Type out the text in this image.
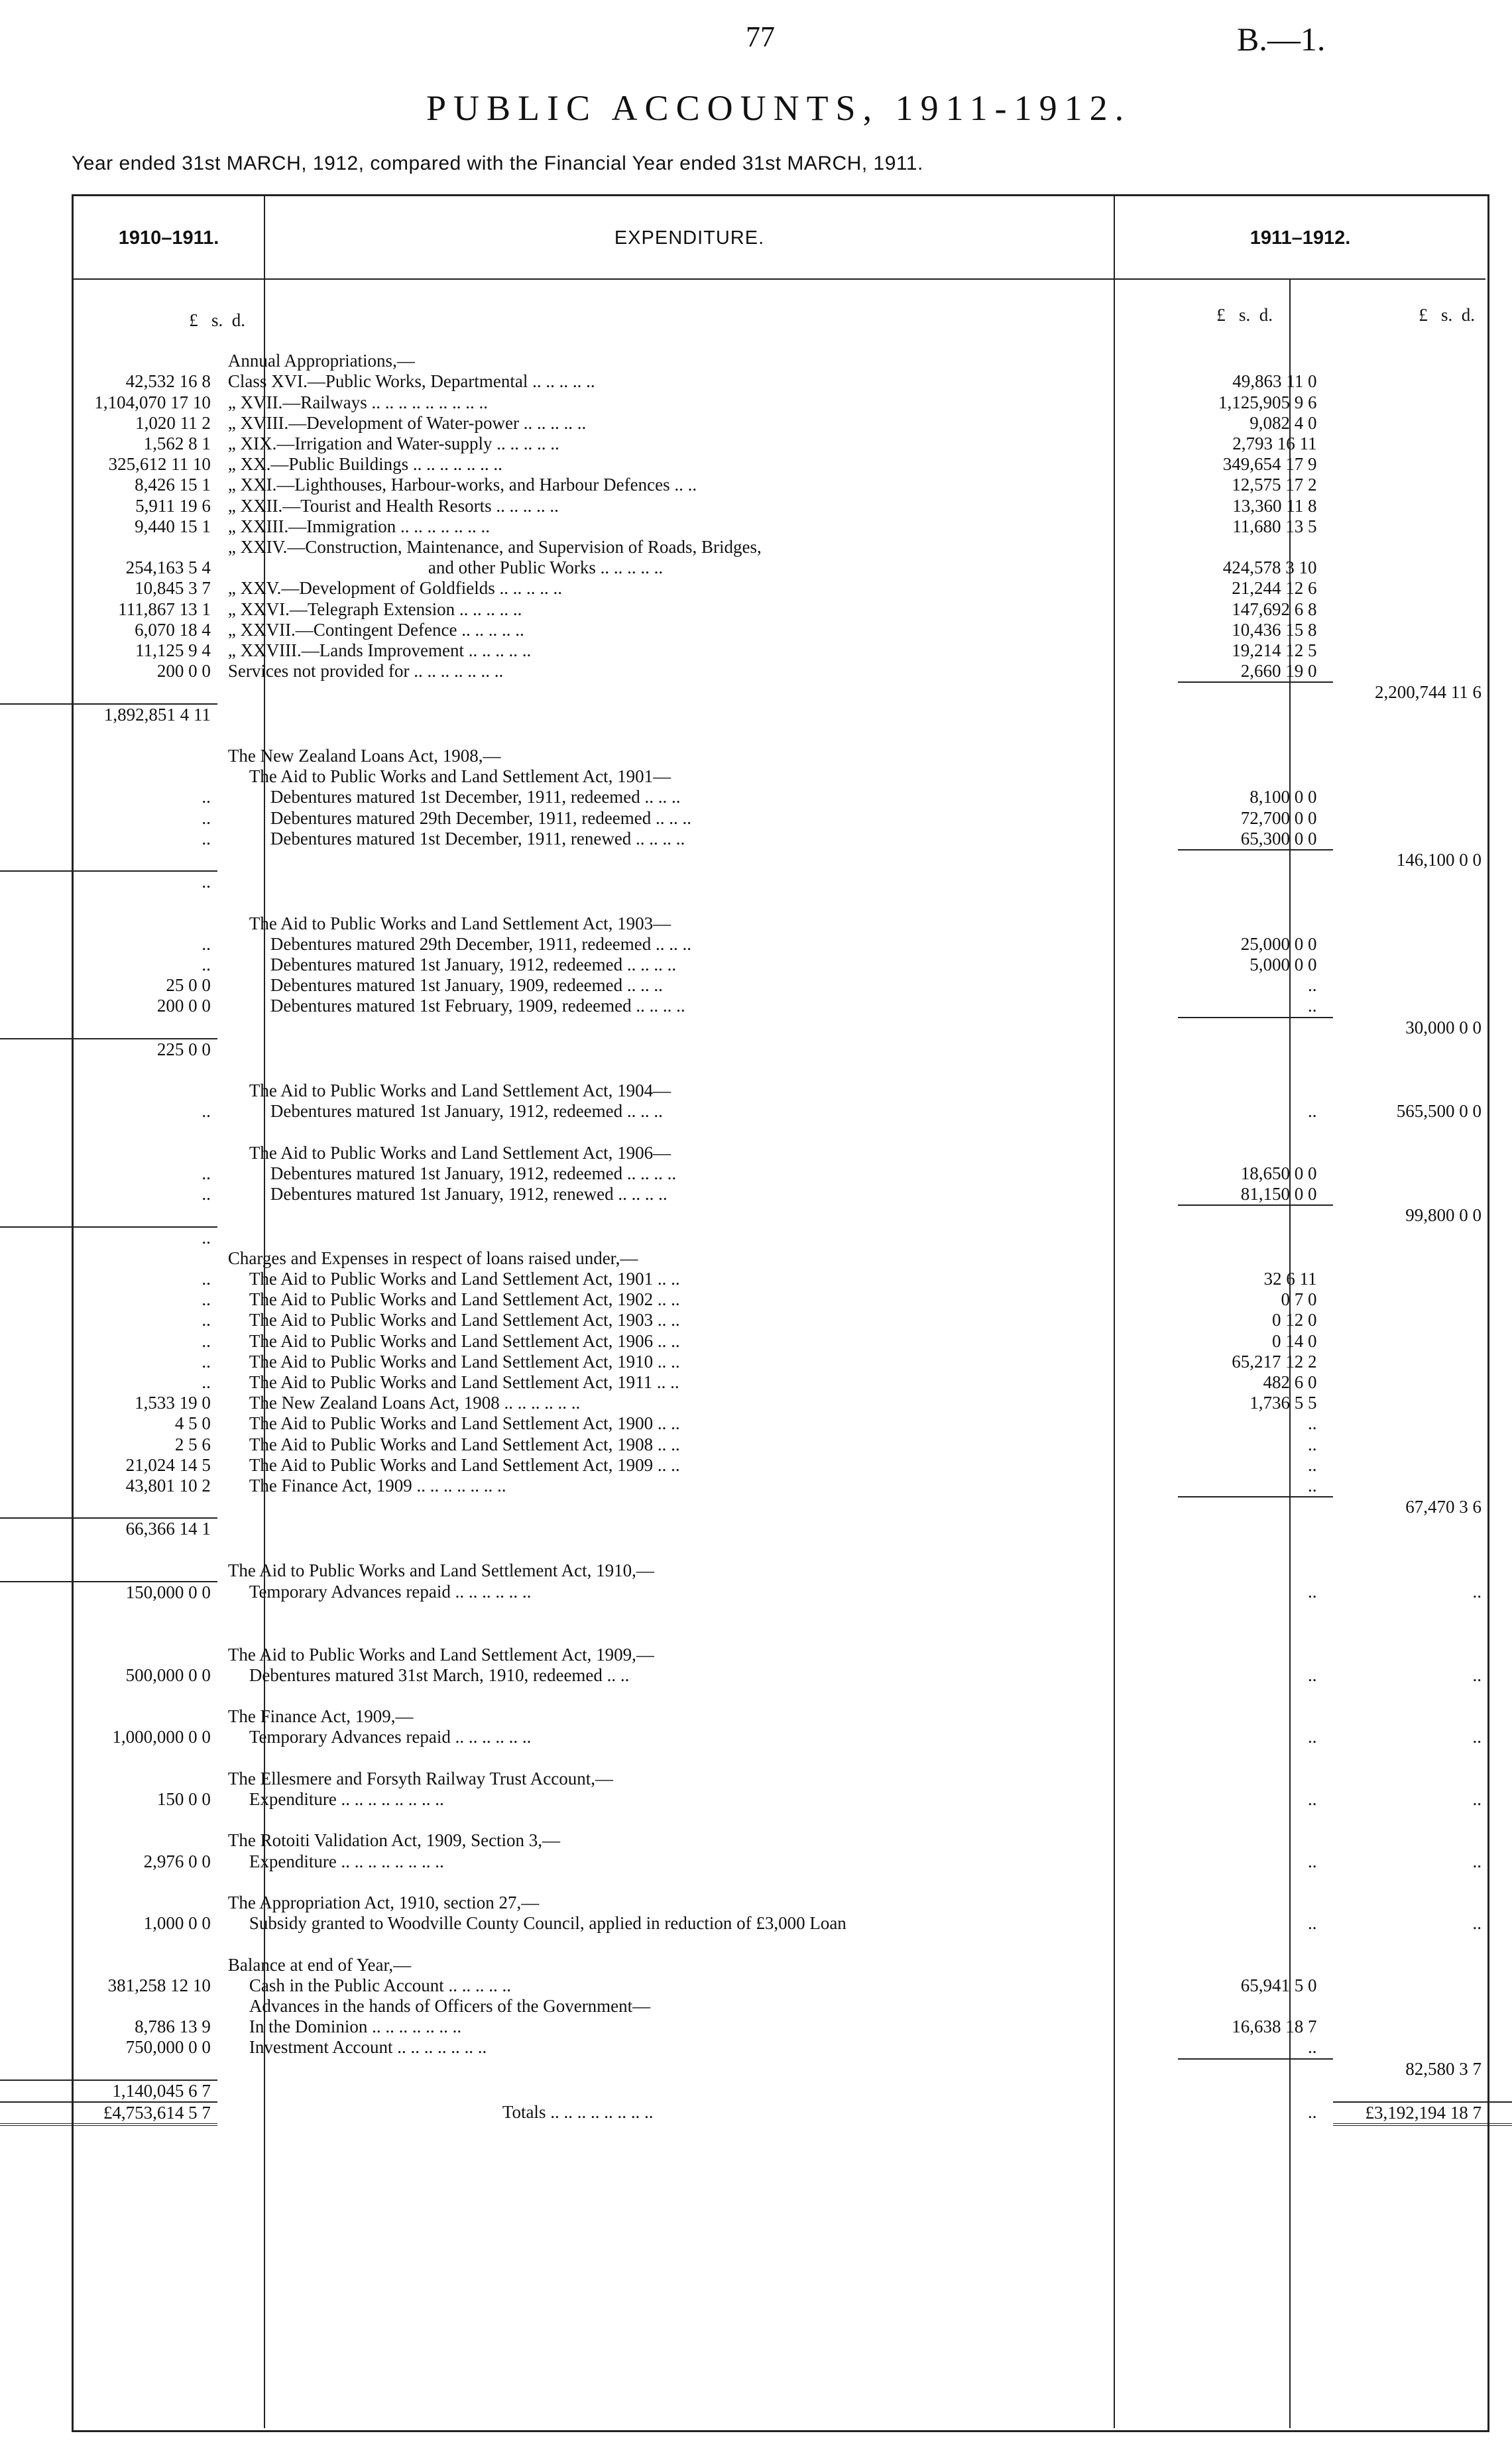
77	B.—1.
PUBLIC ACCOUNTS, 1911-1912.
Year ended 31st MARCH, 1912, compared with the Financial Year ended 31st MARCH, 1911.
1910–1911.	EXPENDITURE.	1911–1912.
£   s.  d.	£   s.  d.	£   s.  d.

	Annual Appropriations,—		
42,532 16 8	Class XVI.—Public Works, Departmental .. .. .. .. ..	49,863 11 0	
1,104,070 17 10	„ XVII.—Railways .. .. .. .. .. .. .. .. ..	1,125,905 9 6	
1,020 11 2	„ XVIII.—Development of Water-power .. .. .. .. ..	9,082 4 0	
1,562 8 1	„ XIX.—Irrigation and Water-supply .. .. .. .. ..	2,793 16 11	
325,612 11 10	„ XX.—Public Buildings .. .. .. .. .. .. ..	349,654 17 9	
8,426 15 1	„ XXI.—Lighthouses, Harbour-works, and Harbour Defences .. ..	12,575 17 2	
5,911 19 6	„ XXII.—Tourist and Health Resorts .. .. .. .. ..	13,360 11 8	
9,440 15 1	„ XXIII.—Immigration .. .. .. .. .. .. ..	11,680 13 5	
	„ XXIV.—Construction, Maintenance, and Supervision of Roads, Bridges,		
254,163 5 4	and other Public Works .. .. .. .. ..	424,578 3 10	
10,845 3 7	„ XXV.—Development of Goldfields .. .. .. .. ..	21,244 12 6	
111,867 13 1	„ XXVI.—Telegraph Extension .. .. .. .. ..	147,692 6 8	
6,070 18 4	„ XXVII.—Contingent Defence .. .. .. .. ..	10,436 15 8	
11,125 9 4	„ XXVIII.—Lands Improvement .. .. .. .. ..	19,214 12 5	
200 0 0	Services not provided for .. .. .. .. .. .. ..	2,660 19 0	
			2,200,744 11 6
1,892,851 4 11			

	The New Zealand Loans Act, 1908,—		
	The Aid to Public Works and Land Settlement Act, 1901—		
..	Debentures matured 1st December, 1911, redeemed .. .. ..	8,100 0 0	
..	Debentures matured 29th December, 1911, redeemed .. .. ..	72,700 0 0	
..	Debentures matured 1st December, 1911, renewed .. .. .. ..	65,300 0 0	
			146,100 0 0
..			

	The Aid to Public Works and Land Settlement Act, 1903—		
..	Debentures matured 29th December, 1911, redeemed .. .. ..	25,000 0 0	
..	Debentures matured 1st January, 1912, redeemed .. .. .. ..	5,000 0 0	
25 0 0	Debentures matured 1st January, 1909, redeemed .. .. ..	..	
200 0 0	Debentures matured 1st February, 1909, redeemed .. .. .. ..	..	
			30,000 0 0
225 0 0			

	The Aid to Public Works and Land Settlement Act, 1904—		
..	Debentures matured 1st January, 1912, redeemed .. .. ..	..	565,500 0 0

	The Aid to Public Works and Land Settlement Act, 1906—		
..	Debentures matured 1st January, 1912, redeemed .. .. .. ..	18,650 0 0	
..	Debentures matured 1st January, 1912, renewed .. .. .. ..	81,150 0 0	
			99,800 0 0
..			
	Charges and Expenses in respect of loans raised under,—		
..	The Aid to Public Works and Land Settlement Act, 1901 .. ..	32 6 11	
..	The Aid to Public Works and Land Settlement Act, 1902 .. ..	0 7 0	
..	The Aid to Public Works and Land Settlement Act, 1903 .. ..	0 12 0	
..	The Aid to Public Works and Land Settlement Act, 1906 .. ..	0 14 0	
..	The Aid to Public Works and Land Settlement Act, 1910 .. ..	65,217 12 2	
..	The Aid to Public Works and Land Settlement Act, 1911 .. ..	482 6 0	
1,533 19 0	The New Zealand Loans Act, 1908 .. .. .. .. .. ..	1,736 5 5	
4 5 0	The Aid to Public Works and Land Settlement Act, 1900 .. ..	..	
2 5 6	The Aid to Public Works and Land Settlement Act, 1908 .. ..	..	
21,024 14 5	The Aid to Public Works and Land Settlement Act, 1909 .. ..	..	
43,801 10 2	The Finance Act, 1909 .. .. .. .. .. .. ..	..	
			67,470 3 6
66,366 14 1			

	The Aid to Public Works and Land Settlement Act, 1910,—		
150,000 0 0	Temporary Advances repaid .. .. .. .. .. ..	..	..

	The Aid to Public Works and Land Settlement Act, 1909,—		
500,000 0 0	Debentures matured 31st March, 1910, redeemed .. ..	..	..

	The Finance Act, 1909,—		
1,000,000 0 0	Temporary Advances repaid .. .. .. .. .. ..	..	..

	The Ellesmere and Forsyth Railway Trust Account,—		
150 0 0	Expenditure .. .. .. .. .. .. .. ..	..	..

	The Rotoiti Validation Act, 1909, Section 3,—		
2,976 0 0	Expenditure .. .. .. .. .. .. .. ..	..	..

	The Appropriation Act, 1910, section 27,—		
1,000 0 0	Subsidy granted to Woodville County Council, applied in reduction of £3,000 Loan	..	..

	Balance at end of Year,—		
381,258 12 10	Cash in the Public Account .. .. .. .. ..	65,941 5 0	
	Advances in the hands of Officers of the Government—		
8,786 13 9	In the Dominion .. .. .. .. .. .. ..	16,638 18 7	
750,000 0 0	Investment Account .. .. .. .. .. .. ..	..	
			82,580 3 7
1,140,045 6 7			
£4,753,614 5 7	Totals .. .. .. .. .. .. .. ..	..	£3,192,194 18 7
